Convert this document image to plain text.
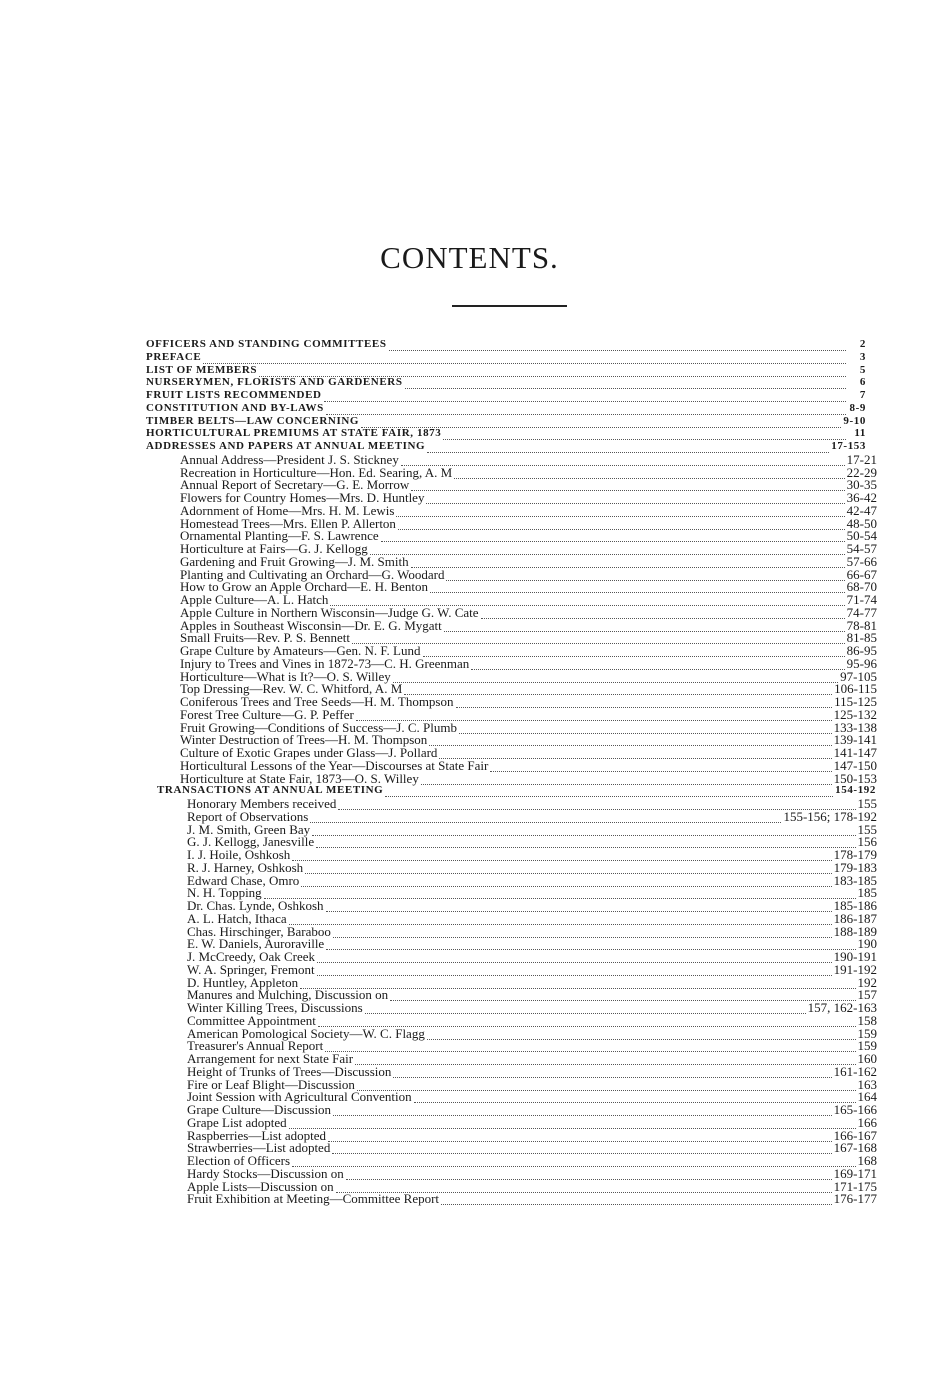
CONTENTS.
OFFICERS AND STANDING COMMITTEES	2
PREFACE	3
LIST OF MEMBERS	5
NURSERYMEN, FLORISTS AND GARDENERS	6
FRUIT LISTS RECOMMENDED	7
CONSTITUTION AND BY-LAWS	8-9
TIMBER BELTS—LAW CONCERNING	9-10
HORTICULTURAL PREMIUMS AT STATE FAIR, 1873	11
ADDRESSES AND PAPERS AT ANNUAL MEETING	17-153
Annual Address—President J. S. Stickney	17-21
Recreation in Horticulture—Hon. Ed. Searing, A. M	22-29
Annual Report of Secretary—G. E. Morrow	30-35
Flowers for Country Homes—Mrs. D. Huntley	36-42
Adornment of Home—Mrs. H. M. Lewis	42-47
Homestead Trees—Mrs. Ellen P. Allerton	48-50
Ornamental Planting—F. S. Lawrence	50-54
Horticulture at Fairs—G. J. Kellogg	54-57
Gardening and Fruit Growing—J. M. Smith	57-66
Planting and Cultivating an Orchard—G. Woodard	66-67
How to Grow an Apple Orchard—E. H. Benton	68-70
Apple Culture—A. L. Hatch	71-74
Apple Culture in Northern Wisconsin—Judge G. W. Cate	74-77
Apples in Southeast Wisconsin—Dr. E. G. Mygatt	78-81
Small Fruits—Rev. P. S. Bennett	81-85
Grape Culture by Amateurs—Gen. N. F. Lund	86-95
Injury to Trees and Vines in 1872-73—C. H. Greenman	95-96
Horticulture—What is It?—O. S. Willey	97-105
Top Dressing—Rev. W. C. Whitford, A. M	106-115
Coniferous Trees and Tree Seeds—H. M. Thompson	115-125
Forest Tree Culture—G. P. Peffer	125-132
Fruit Growing—Conditions of Success—J. C. Plumb	133-138
Winter Destruction of Trees—H. M. Thompson	139-141
Culture of Exotic Grapes under Glass—J. Pollard	141-147
Horticultural Lessons of the Year—Discourses at State Fair	147-150
Horticulture at State Fair, 1873—O. S. Willey	150-153
TRANSACTIONS AT ANNUAL MEETING	154-192
Honorary Members received	155
Report of Observations	155-156; 178-192
J. M. Smith, Green Bay	155
G. J. Kellogg, Janesville	156
I. J. Hoile, Oshkosh	178-179
R. J. Harney, Oshkosh	179-183
Edward Chase, Omro	183-185
N. H. Topping	185
Dr. Chas. Lynde, Oshkosh	185-186
A. L. Hatch, Ithaca	186-187
Chas. Hirschinger, Baraboo	188-189
E. W. Daniels, Auroraville	190
J. McCreedy, Oak Creek	190-191
W. A. Springer, Fremont	191-192
D. Huntley, Appleton	192
Manures and Mulching, Discussion on	157
Winter Killing Trees, Discussions	157, 162-163
Committee Appointment	158
American Pomological Society—W. C. Flagg	159
Treasurer's Annual Report	159
Arrangement for next State Fair	160
Height of Trunks of Trees—Discussion	161-162
Fire or Leaf Blight—Discussion	163
Joint Session with Agricultural Convention	164
Grape Culture—Discussion	165-166
Grape List adopted	166
Raspberries—List adopted	166-167
Strawberries—List adopted	167-168
Election of Officers	168
Hardy Stocks—Discussion on	169-171
Apple Lists—Discussion on	171-175
Fruit Exhibition at Meeting—Committee Report	176-177
